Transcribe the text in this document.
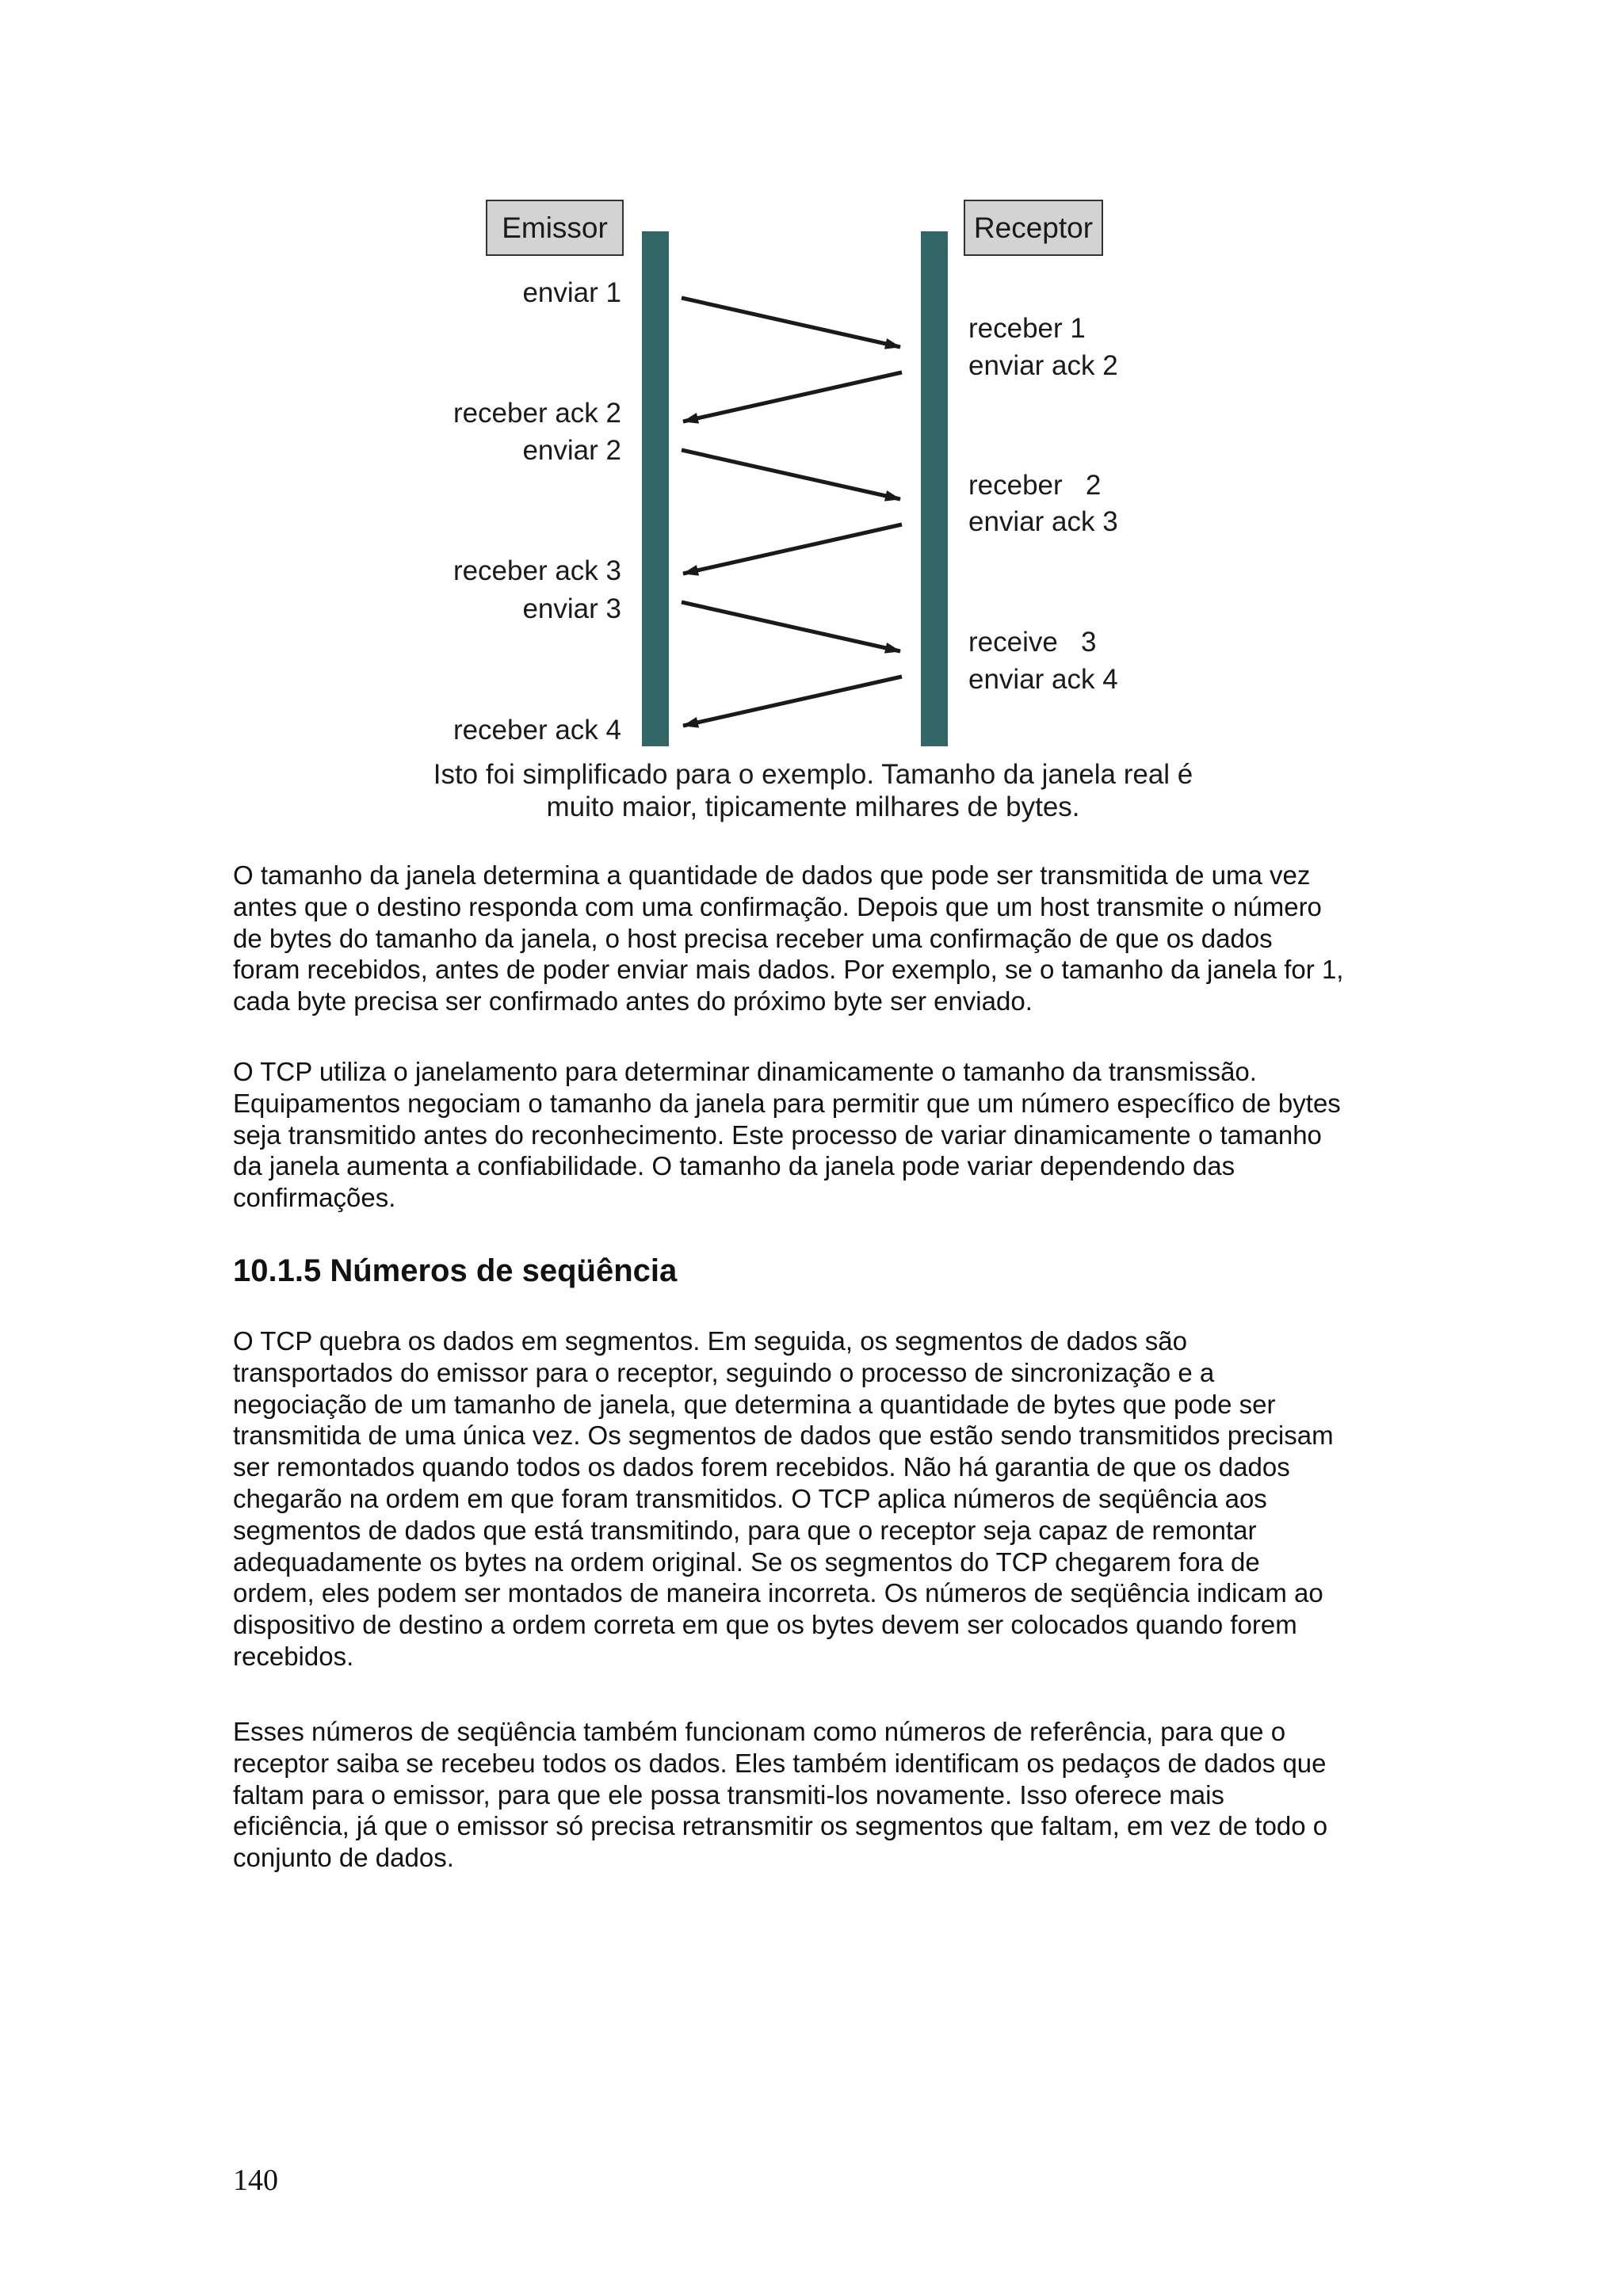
Emissor	Receptor
enviar 1
receber ack 2
enviar 2
receber ack 3
enviar 3
receber ack 4
receber 1
enviar ack 2
receber   2
enviar ack 3
receive   3
enviar ack 4
Isto foi simplificado para o exemplo. Tamanho da janela real é
muito maior, tipicamente milhares de bytes.

O tamanho da janela determina a quantidade de dados que pode ser transmitida de uma vez
antes que o destino responda com uma confirmação. Depois que um host transmite o número
de bytes do tamanho da janela, o host precisa receber uma confirmação de que os dados
foram recebidos, antes de poder enviar mais dados. Por exemplo, se o tamanho da janela for 1,
cada byte precisa ser confirmado antes do próximo byte ser enviado.

O TCP utiliza o janelamento para determinar dinamicamente o tamanho da transmissão.
Equipamentos negociam o tamanho da janela para permitir que um número específico de bytes
seja transmitido antes do reconhecimento. Este processo de variar dinamicamente o tamanho
da janela aumenta a confiabilidade. O tamanho da janela pode variar dependendo das
confirmações.

10.1.5 Números de seqüência

O TCP quebra os dados em segmentos. Em seguida, os segmentos de dados são
transportados do emissor para o receptor, seguindo o processo de sincronização e a
negociação de um tamanho de janela, que determina a quantidade de bytes que pode ser
transmitida de uma única vez. Os segmentos de dados que estão sendo transmitidos precisam
ser remontados quando todos os dados forem recebidos. Não há garantia de que os dados
chegarão na ordem em que foram transmitidos. O TCP aplica números de seqüência aos
segmentos de dados que está transmitindo, para que o receptor seja capaz de remontar
adequadamente os bytes na ordem original. Se os segmentos do TCP chegarem fora de
ordem, eles podem ser montados de maneira incorreta. Os números de seqüência indicam ao
dispositivo de destino a ordem correta em que os bytes devem ser colocados quando forem
recebidos.

Esses números de seqüência também funcionam como números de referência, para que o
receptor saiba se recebeu todos os dados. Eles também identificam os pedaços de dados que
faltam para o emissor, para que ele possa transmiti-los novamente. Isso oferece mais
eficiência, já que o emissor só precisa retransmitir os segmentos que faltam, em vez de todo o
conjunto de dados.

140
